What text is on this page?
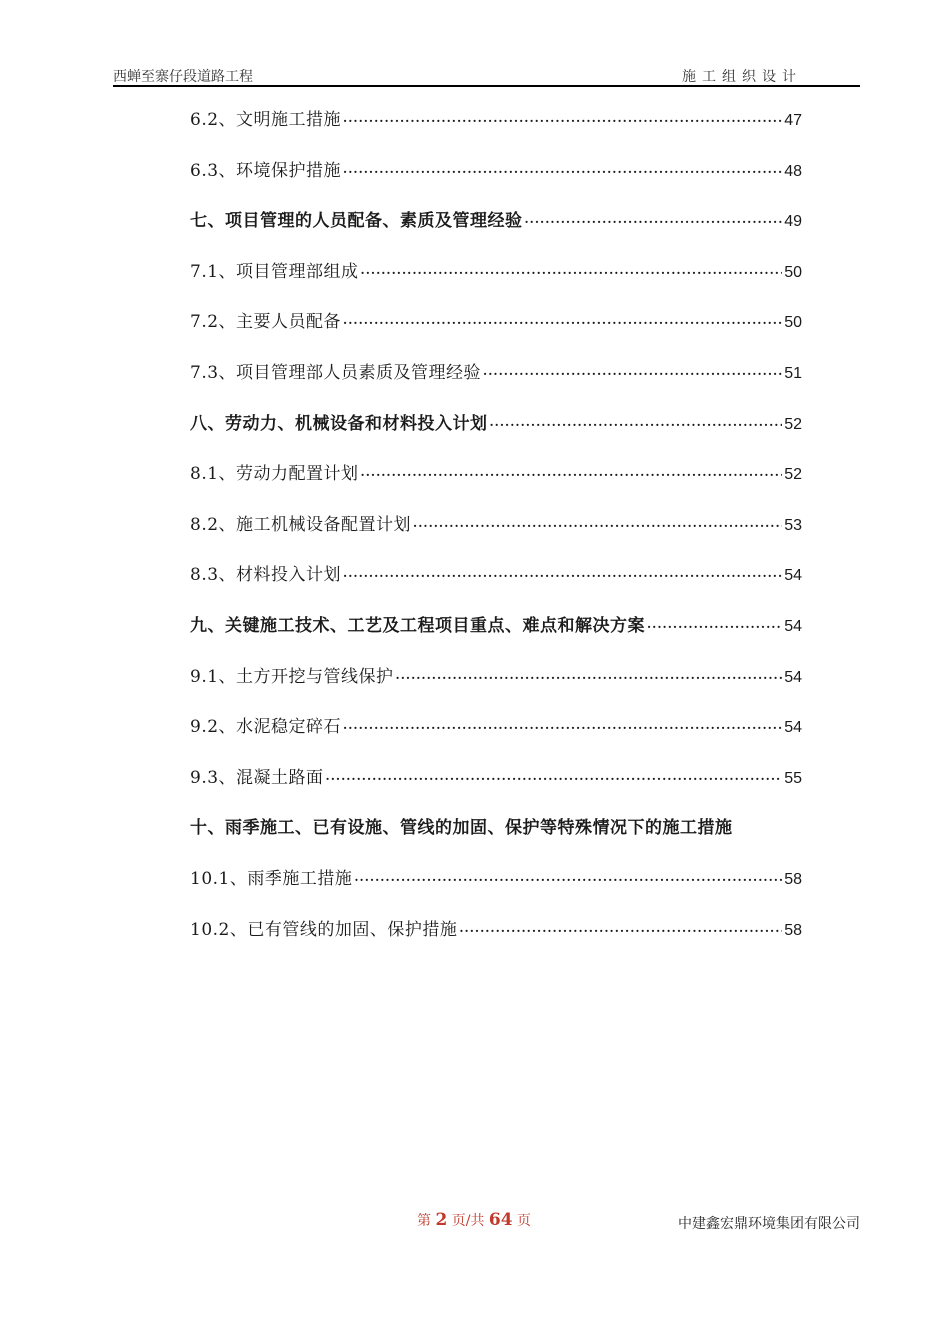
西蝉至寨仔段道路工程	施工组织设计
6.2、文明施工措施 ·····	47
6.3、环境保护措施 ·····	48
七、项目管理的人员配备、素质及管理经验 ·····	49
7.1、项目管理部组成 ·····	50
7.2、主要人员配备 ·····	50
7.3、项目管理部人员素质及管理经验 ·····	51
八、劳动力、机械设备和材料投入计划 ·····	52
8.1、劳动力配置计划 ·····	52
8.2、施工机械设备配置计划 ·····	53
8.3、材料投入计划 ·····	54
九、关键施工技术、工艺及工程项目重点、难点和解决方案 ·····	54
9.1、土方开挖与管线保护 ·····	54
9.2、水泥稳定碎石 ·····	54
9.3、混凝土路面 ·····	55
十、雨季施工、已有设施、管线的加固、保护等特殊情况下的施工措施
10.1、雨季施工措施 ·····	58
10.2、已有管线的加固、保护措施 ·····	58
第 2 页/共 64 页	中建鑫宏鼎环境集团有限公司
